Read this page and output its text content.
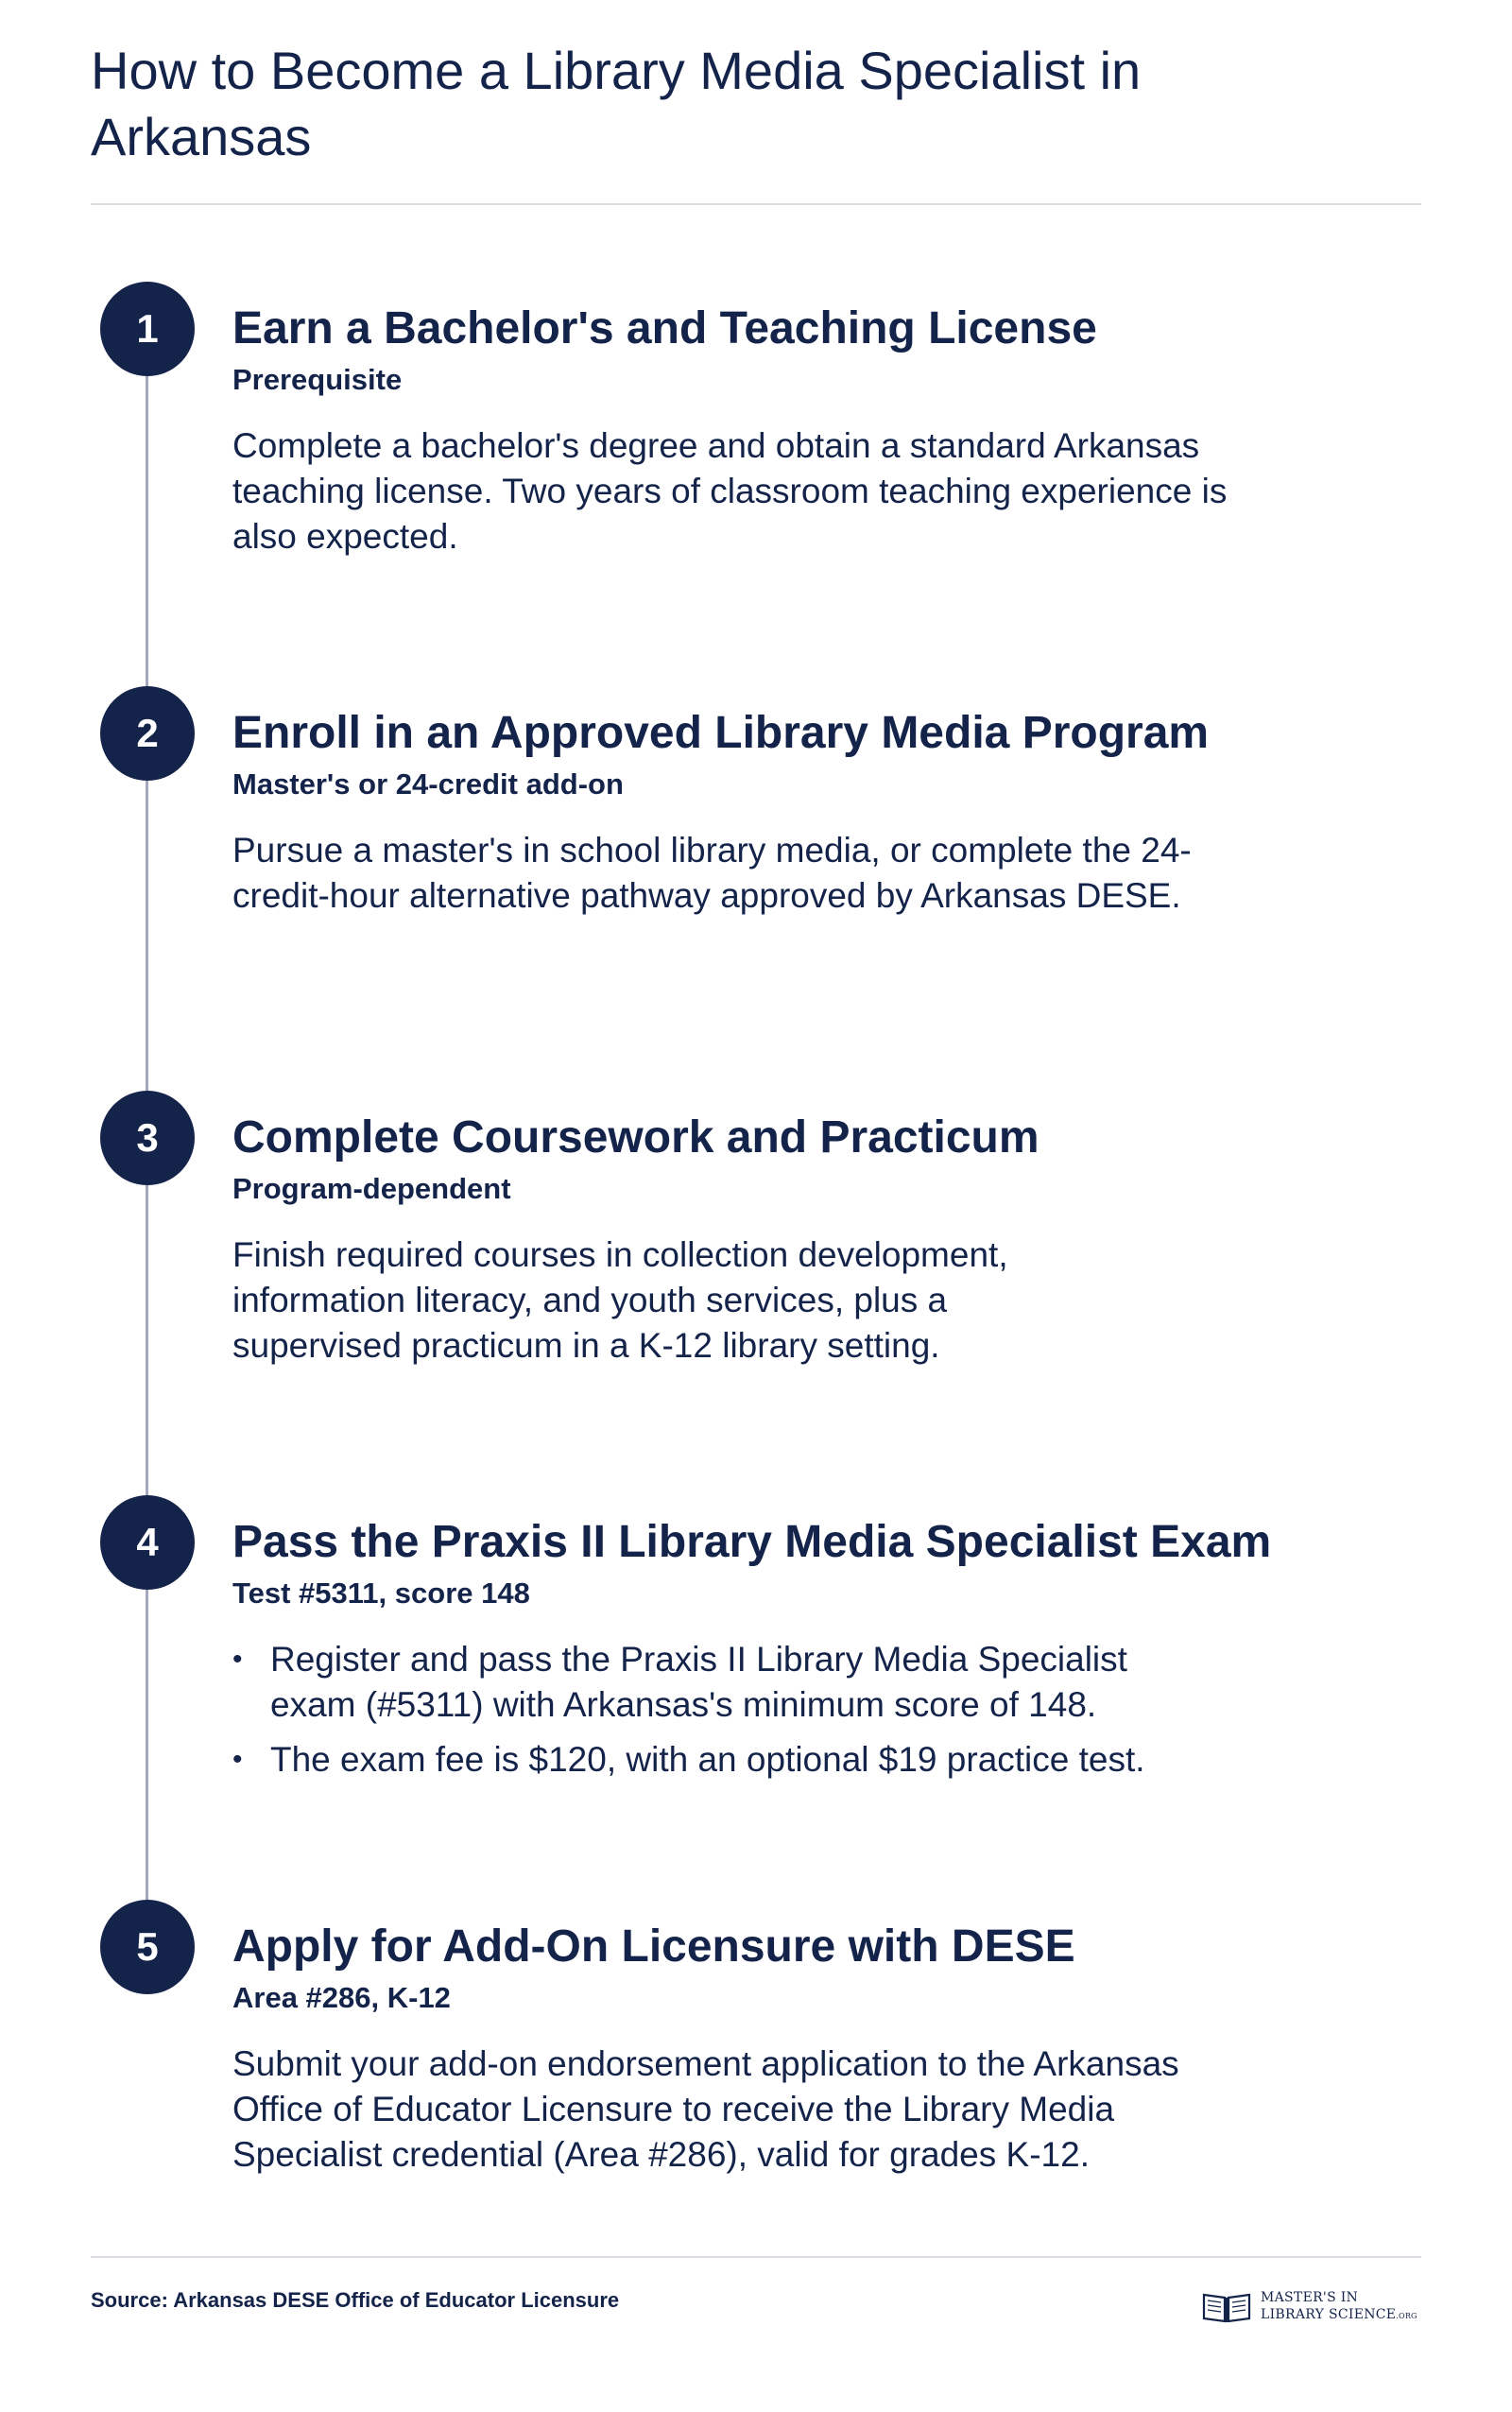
How to Become a Library Media Specialist in Arkansas
1	Earn a Bachelor's and Teaching License
Prerequisite

Complete a bachelor's degree and obtain a standard Arkansas teaching license. Two years of classroom teaching experience is also expected.

2	Enroll in an Approved Library Media Program
Master's or 24-credit add-on

Pursue a master's in school library media, or complete the 24-credit-hour alternative pathway approved by Arkansas DESE.

3	Complete Coursework and Practicum
Program-dependent

Finish required courses in collection development, information literacy, and youth services, plus a supervised practicum in a K-12 library setting.

4	Pass the Praxis II Library Media Specialist Exam
Test #5311, score 148
• Register and pass the Praxis II Library Media Specialist exam (#5311) with Arkansas's minimum score of 148.
• The exam fee is $120, with an optional $19 practice test.
5	Apply for Add-On Licensure with DESE
Area #286, K-12

Submit your add-on endorsement application to the Arkansas Office of Educator Licensure to receive the Library Media Specialist credential (Area #286), valid for grades K-12.

Source: Arkansas DESE Office of Educator Licensure	MASTER'S IN
LIBRARY SCIENCE.ORG
